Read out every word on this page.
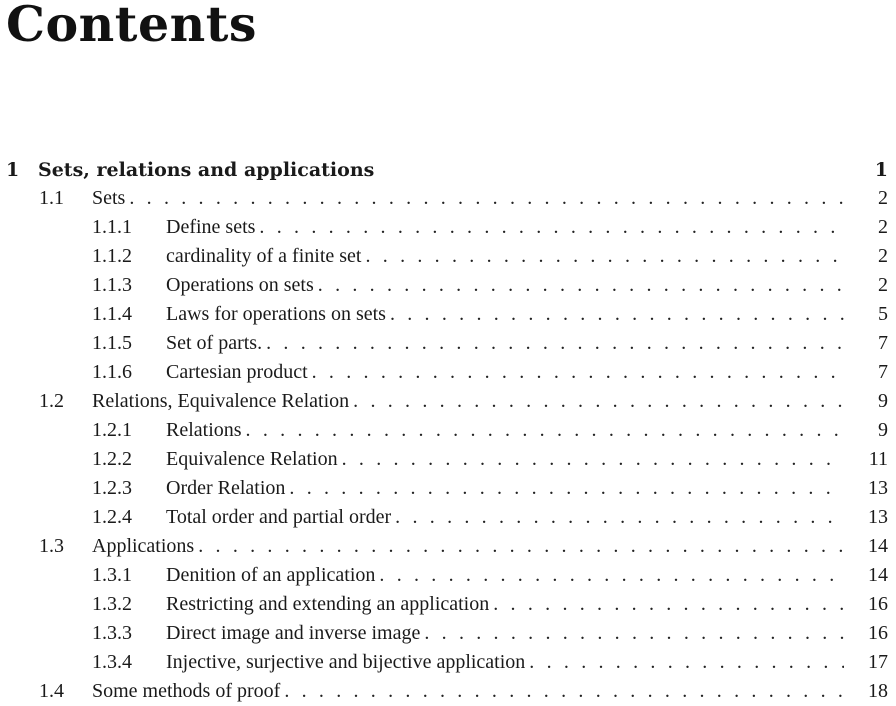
Contents
1 Sets, relations and applications	1
1.1 Sets . . .	2
1.1.1 Define sets . . .	2
1.1.2 cardinality of a finite set . . .	2
1.1.3 Operations on sets . . .	2
1.1.4 Laws for operations on sets . . .	5
1.1.5 Set of parts. . . .	7
1.1.6 Cartesian product . . .	7
1.2 Relations, Equivalence Relation . . .	9
1.2.1 Relations . . .	9
1.2.2 Equivalence Relation . . .	11
1.2.3 Order Relation . . .	13
1.2.4 Total order and partial order . . .	13
1.3 Applications . . .	14
1.3.1 Denition of an application . . .	14
1.3.2 Restricting and extending an application . . .	16
1.3.3 Direct image and inverse image . . .	16
1.3.4 Injective, surjective and bijective application . . .	17
1.4 Some methods of proof . . .	18
